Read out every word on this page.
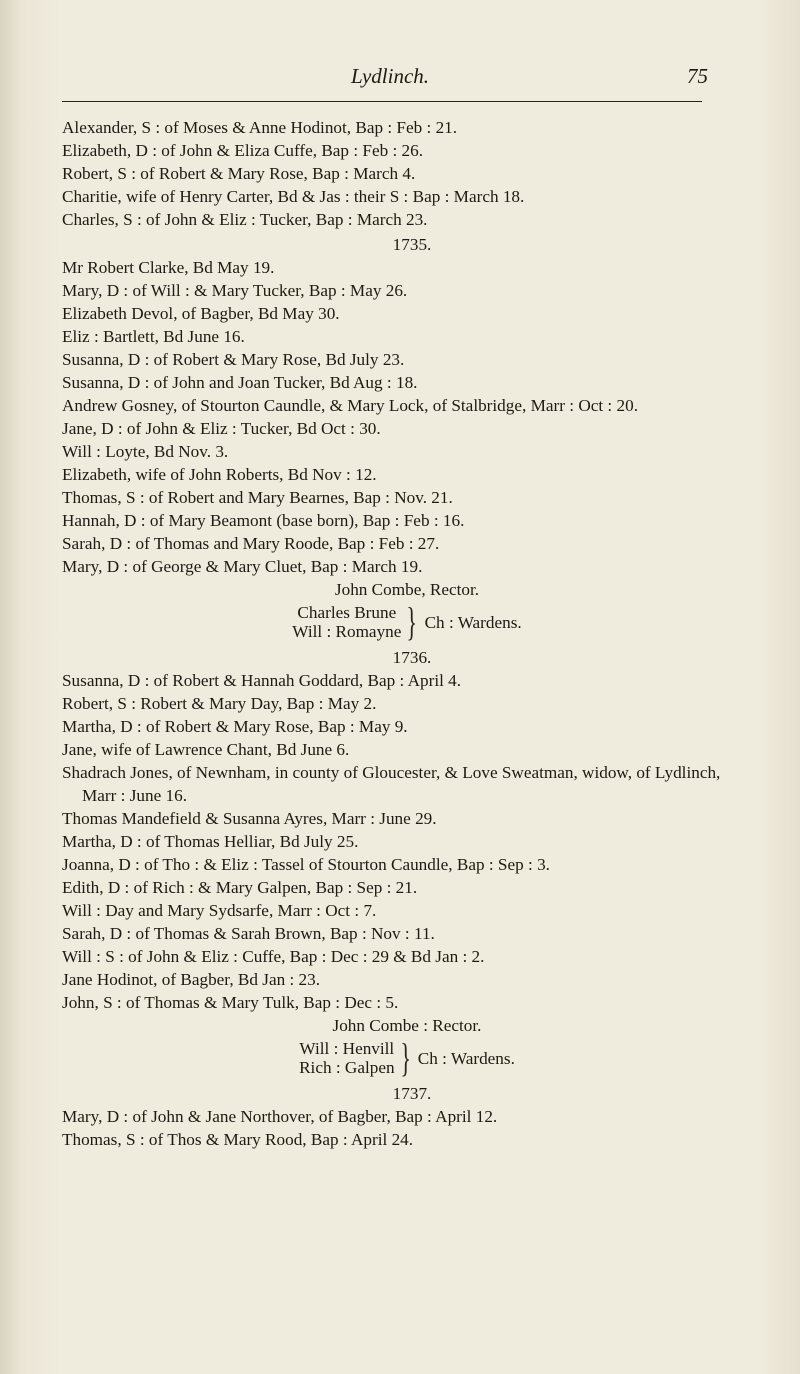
Lydlinch.	75
Alexander, S : of Moses & Anne Hodinot, Bap : Feb : 21.
Elizabeth, D : of John & Eliza Cuffe, Bap : Feb : 26.
Robert, S : of Robert & Mary Rose, Bap : March 4.
Charitie, wife of Henry Carter, Bd & Jas : their S : Bap : March 18.
Charles, S : of John & Eliz : Tucker, Bap : March 23.
1735.
Mr Robert Clarke, Bd May 19.
Mary, D : of Will : & Mary Tucker, Bap : May 26.
Elizabeth Devol, of Bagber, Bd May 30.
Eliz : Bartlett, Bd June 16.
Susanna, D : of Robert & Mary Rose, Bd July 23.
Susanna, D : of John and Joan Tucker, Bd Aug : 18.
Andrew Gosney, of Stourton Caundle, & Mary Lock, of Stalbridge, Marr : Oct : 20.
Jane, D : of John & Eliz : Tucker, Bd Oct : 30.
Will : Loyte, Bd Nov. 3.
Elizabeth, wife of John Roberts, Bd Nov : 12.
Thomas, S : of Robert and Mary Bearnes, Bap : Nov. 21.
Hannah, D : of Mary Beamont (base born), Bap : Feb : 16.
Sarah, D : of Thomas and Mary Roode, Bap : Feb : 27.
Mary, D : of George & Mary Cluet, Bap : March 19.
John Combe, Rector.
Charles Brune
Will : Romayne } Ch : Wardens.
1736.
Susanna, D : of Robert & Hannah Goddard, Bap : April 4.
Robert, S : Robert & Mary Day, Bap : May 2.
Martha, D : of Robert & Mary Rose, Bap : May 9.
Jane, wife of Lawrence Chant, Bd June 6.
Shadrach Jones, of Newnham, in county of Gloucester, & Love Sweatman, widow, of Lydlinch, Marr : June 16.
Thomas Mandefield & Susanna Ayres, Marr : June 29.
Martha, D : of Thomas Helliar, Bd July 25.
Joanna, D : of Tho : & Eliz : Tassel of Stourton Caundle, Bap : Sep : 3.
Edith, D : of Rich : & Mary Galpen, Bap : Sep : 21.
Will : Day and Mary Sydsarfe, Marr : Oct : 7.
Sarah, D : of Thomas & Sarah Brown, Bap : Nov : 11.
Will : S : of John & Eliz : Cuffe, Bap : Dec : 29 & Bd Jan : 2.
Jane Hodinot, of Bagber, Bd Jan : 23.
John, S : of Thomas & Mary Tulk, Bap : Dec : 5.
John Combe : Rector.
Will : Henvill
Rich : Galpen } Ch : Wardens.
1737.
Mary, D : of John & Jane Northover, of Bagber, Bap : April 12.
Thomas, S : of Thos & Mary Rood, Bap : April 24.
